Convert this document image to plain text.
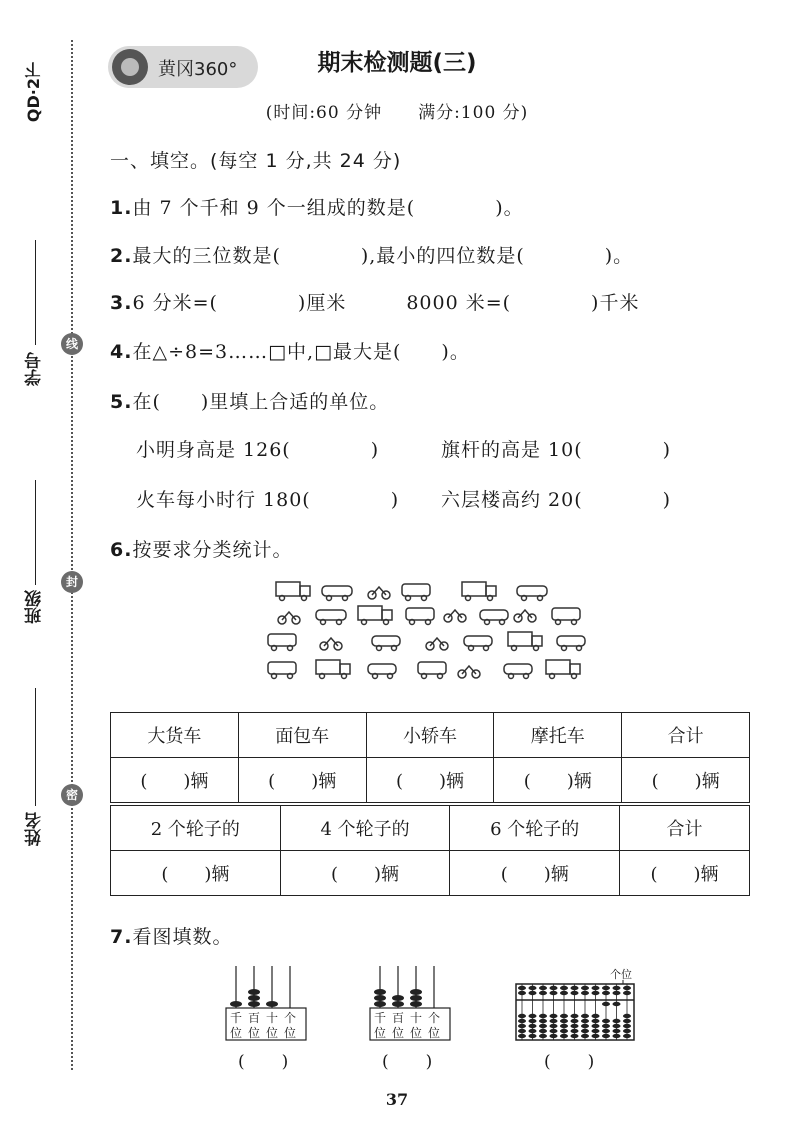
QD·2下
学号
班级
姓名
线
封
密
黄冈360°	期末检测题(三)
(时间:60 分钟　　满分:100 分)
一、填空。(每空 1 分,共 24 分)
1.由 7 个千和 9 个一组成的数是(　　　　)。
2.最大的三位数是(　　　　),最小的四位数是(　　　　)。
3.6 分米=(　　　　)厘米　　　8000 米=(　　　　)千米
4.在△÷8=3……□中,□最大是(　　)。
5.在(　　)里填上合适的单位。
小明身高是 126(　　　　)	旗杆的高是 10(　　　　)
火车每小时行 180(　　　　) 六层楼高约 20(　　　　)
6.按要求分类统计。
大货车	面包车	小轿车	摩托车	合计
(　　)辆	(　　)辆	(　　)辆	(　　)辆	(　　)辆
2 个轮子的	4 个轮子的	6 个轮子的	合计
(　　)辆	(　　)辆	(　　)辆	(　　)辆
7.看图填数。
千 百 十 个
位 位 位 位
(　　)
千 百 十 个
位 位 位 位
(　　)
个位
(　　)
37
